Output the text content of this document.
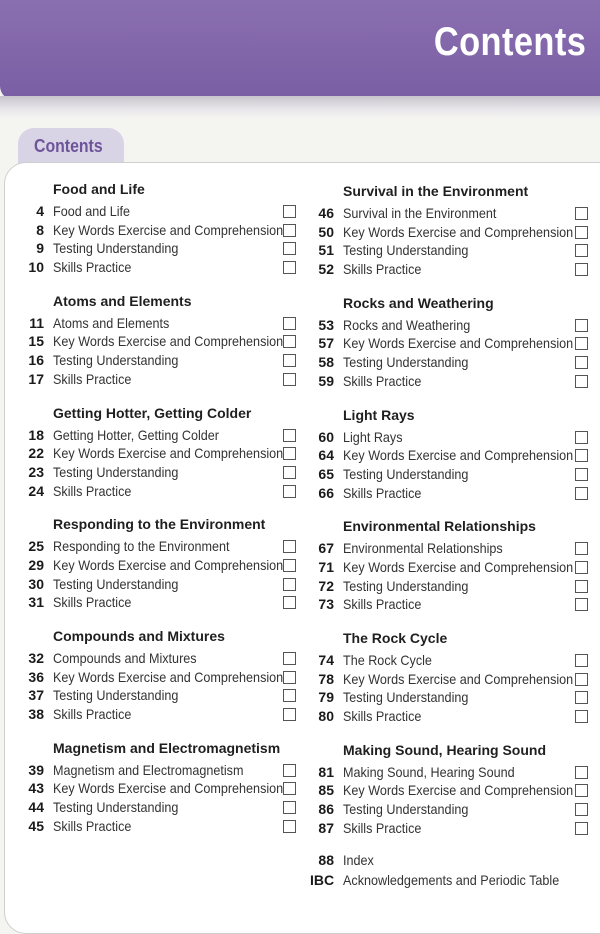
Contents
Contents
Food and Life
4 Food and Life
8 Key Words Exercise and Comprehension
9 Testing Understanding
10 Skills Practice
Atoms and Elements
11 Atoms and Elements
15 Key Words Exercise and Comprehension
16 Testing Understanding
17 Skills Practice
Getting Hotter, Getting Colder
18 Getting Hotter, Getting Colder
22 Key Words Exercise and Comprehension
23 Testing Understanding
24 Skills Practice
Responding to the Environment
25 Responding to the Environment
29 Key Words Exercise and Comprehension
30 Testing Understanding
31 Skills Practice
Compounds and Mixtures
32 Compounds and Mixtures
36 Key Words Exercise and Comprehension
37 Testing Understanding
38 Skills Practice
Magnetism and Electromagnetism
39 Magnetism and Electromagnetism
43 Key Words Exercise and Comprehension
44 Testing Understanding
45 Skills Practice
Survival in the Environment
46 Survival in the Environment
50 Key Words Exercise and Comprehension
51 Testing Understanding
52 Skills Practice
Rocks and Weathering
53 Rocks and Weathering
57 Key Words Exercise and Comprehension
58 Testing Understanding
59 Skills Practice
Light Rays
60 Light Rays
64 Key Words Exercise and Comprehension
65 Testing Understanding
66 Skills Practice
Environmental Relationships
67 Environmental Relationships
71 Key Words Exercise and Comprehension
72 Testing Understanding
73 Skills Practice
The Rock Cycle
74 The Rock Cycle
78 Key Words Exercise and Comprehension
79 Testing Understanding
80 Skills Practice
Making Sound, Hearing Sound
81 Making Sound, Hearing Sound
85 Key Words Exercise and Comprehension
86 Testing Understanding
87 Skills Practice
88 Index
IBC Acknowledgements and Periodic Table
